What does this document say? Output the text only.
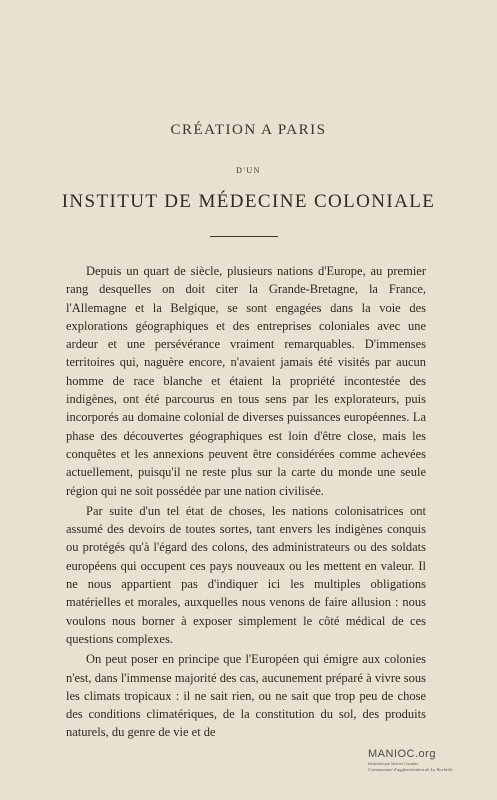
CRÉATION A PARIS
D'UN
INSTITUT DE MÉDECINE COLONIALE

Depuis un quart de siècle, plusieurs nations d'Europe, au premier rang desquelles on doit citer la Grande-Bretagne, la France, l'Allemagne et la Belgique, se sont engagées dans la voie des explorations géographiques et des entreprises coloniales avec une ardeur et une persévérance vraiment remarquables. D'immenses territoires qui, naguère encore, n'avaient jamais été visités par aucun homme de race blanche et étaient la propriété incontestée des indigènes, ont été parcourus en tous sens par les explorateurs, puis incorporés au domaine colonial de diverses puissances européennes. La phase des découvertes géographiques est loin d'être close, mais les conquêtes et les annexions peuvent être considérées comme achevées actuellement, puisqu'il ne reste plus sur la carte du monde une seule région qui ne soit possédée par une nation civilisée.

Par suite d'un tel état de choses, les nations colonisatrices ont assumé des devoirs de toutes sortes, tant envers les indigènes conquis ou protégés qu'à l'égard des colons, des administrateurs ou des soldats européens qui occupent ces pays nouveaux ou les mettent en valeur. Il ne nous appartient pas d'indiquer ici les multiples obligations matérielles et morales, auxquelles nous venons de faire allusion : nous voulons nous borner à exposer simplement le côté médical de ces questions complexes.

On peut poser en principe que l'Européen qui émigre aux colonies n'est, dans l'immense majorité des cas, aucunement préparé à vivre sous les climats tropicaux : il ne sait rien, ou ne sait que trop peu de chose des conditions climatériques, de la constitution du sol, des produits naturels, du genre de vie et de

MANIOC.org
Bibliothèque Michel Cavalier
Communauté d'agglomération de La Rochelle
